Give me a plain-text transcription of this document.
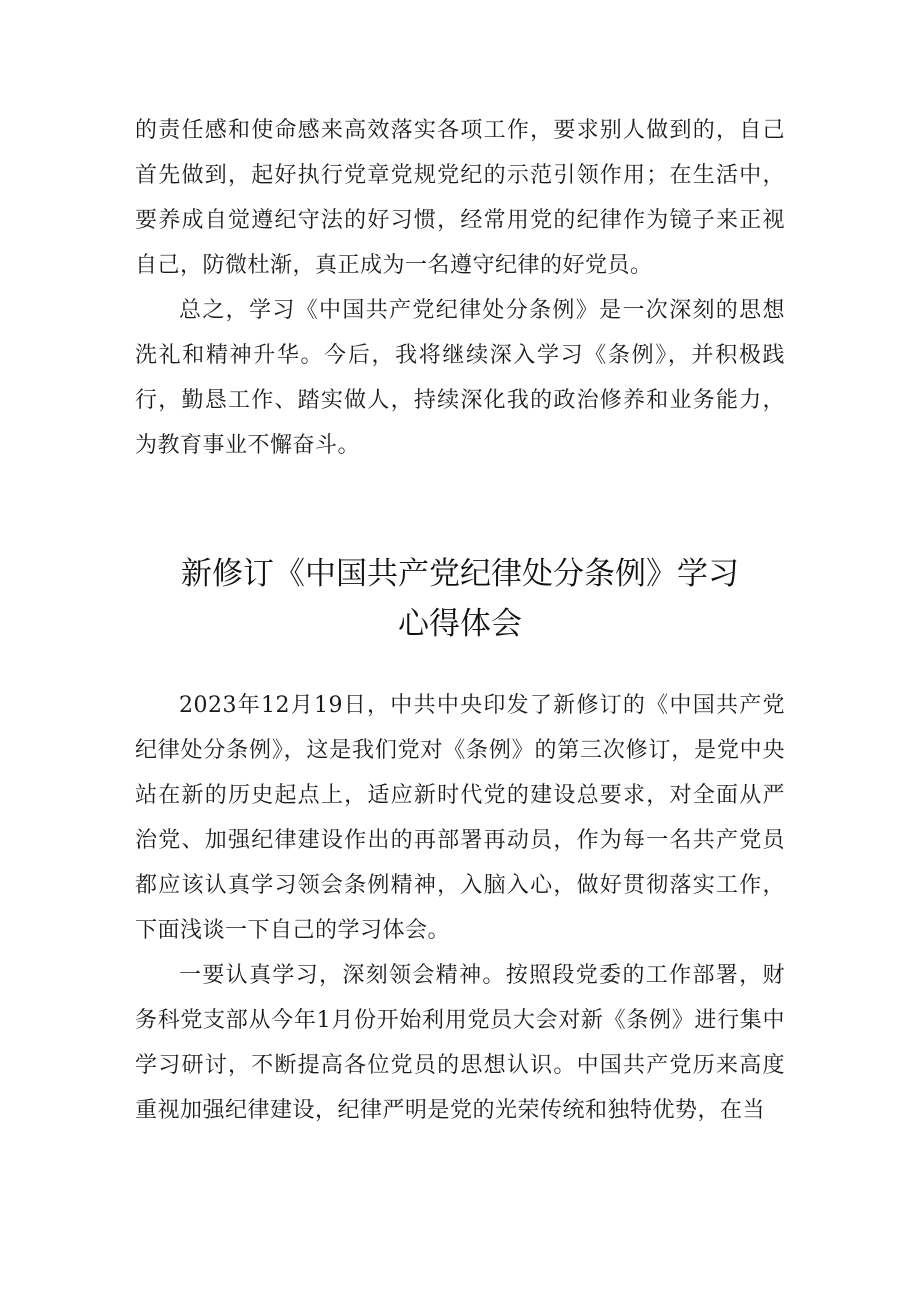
的责任感和使命感来高效落实各项工作，要求别人做到的，自己首先做到，起好执行党章党规党纪的示范引领作用；在生活中，要养成自觉遵纪守法的好习惯，经常用党的纪律作为镜子来正视自己，防微杜渐，真正成为一名遵守纪律的好党员。

总之，学习《中国共产党纪律处分条例》是一次深刻的思想洗礼和精神升华。今后，我将继续深入学习《条例》，并积极践行，勤恳工作、踏实做人，持续深化我的政治修养和业务能力，为教育事业不懈奋斗。

新修订《中国共产党纪律处分条例》学习
心得体会

2023年12月19日，中共中央印发了新修订的《中国共产党纪律处分条例》，这是我们党对《条例》的第三次修订，是党中央站在新的历史起点上，适应新时代党的建设总要求，对全面从严治党、加强纪律建设作出的再部署再动员，作为每一名共产党员都应该认真学习领会条例精神，入脑入心，做好贯彻落实工作，下面浅谈一下自己的学习体会。

一要认真学习，深刻领会精神。按照段党委的工作部署，财务科党支部从今年1月份开始利用党员大会对新《条例》进行集中学习研讨，不断提高各位党员的思想认识。中国共产党历来高度重视加强纪律建设，纪律严明是党的光荣传统和独特优势，在当
